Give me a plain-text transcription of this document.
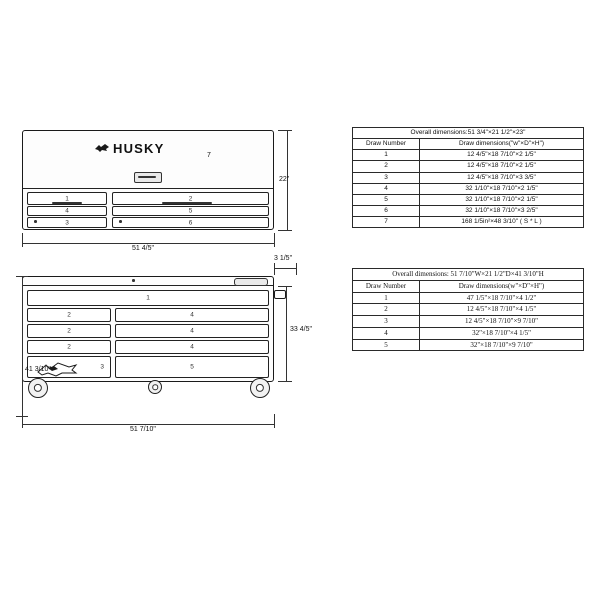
HUSKY	7
1	2
4	5
3	6
51 4/5"
22"
1
2
2
2
3
4
4
4
5
3 1/5"
51 7/10"
33 4/5"
41 3/10"
Overall dimensions:51 3/4"×21 1/2"×23"	
Draw Number	Draw dimensions("w"×D"×H")
1	12 4/5"×18 7/10"×2 1/5"
2	12 4/5"×18 7/10"×2 1/5"
3	12 4/5"×18 7/10"×3 3/5"
4	32 1/10"×18 7/10"×2 1/5"
5	32 1/10"×18 7/10"×2 1/5"
6	32 1/10"×18 7/10"×3 2/5"
7	168 1/5in²×48 3/10" ( S * L )
Overall dimensions: 51 7/10"W×21 1/2"D×41 3/10"H	
Draw Number	Draw dimensions(w"×D"×H")
1	47 1/5"×18 7/10"×4 1/2"
2	12 4/5"×18 7/10"×4 1/5"
3	12 4/5"×18 7/10"×9 7/10"
4	32"×18 7/10"×4 1/5"
5	32"×18 7/10"×9 7/10"
